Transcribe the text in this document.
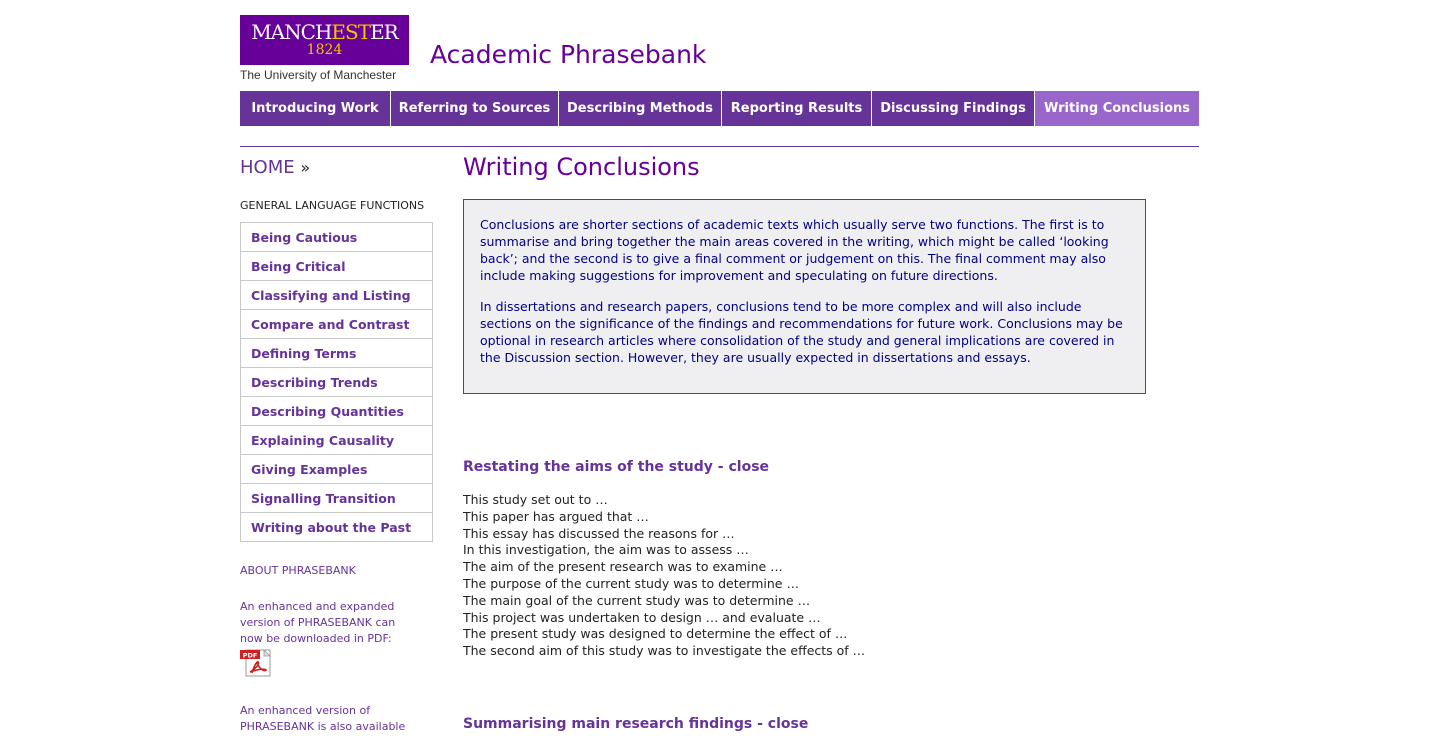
MANCHESTER
1824
The University of Manchester
Academic Phrasebank
Introducing Work	Referring to Sources	Describing Methods	Reporting Results	Discussing Findings	Writing Conclusions
HOME »
GENERAL LANGUAGE FUNCTIONS
Being Cautious
Being Critical
Classifying and Listing
Compare and Contrast
Defining Terms
Describing Trends
Describing Quantities
Explaining Causality
Giving Examples
Signalling Transition
Writing about the Past
ABOUT PHRASEBANK
An enhanced and expanded version of PHRASEBANK can now be downloaded in PDF:
PDF
An enhanced version of PHRASEBANK is also available
Writing Conclusions

Conclusions are shorter sections of academic texts which usually serve two functions. The first is to summarise and bring together the main areas covered in the writing, which might be called ‘looking back’; and the second is to give a final comment or judgement on this. The final comment may also include making suggestions for improvement and speculating on future directions.

In dissertations and research papers, conclusions tend to be more complex and will also include sections on the significance of the findings and recommendations for future work. Conclusions may be optional in research articles where consolidation of the study and general implications are covered in the Discussion section. However, they are usually expected in dissertations and essays.

Restating the aims of the study - close
This study set out to …
This paper has argued that …
This essay has discussed the reasons for …
In this investigation, the aim was to assess …
The aim of the present research was to examine …
The purpose of the current study was to determine …
The main goal of the current study was to determine …
This project was undertaken to design … and evaluate …
The present study was designed to determine the effect of …
The second aim of this study was to investigate the effects of …
Summarising main research findings - close
